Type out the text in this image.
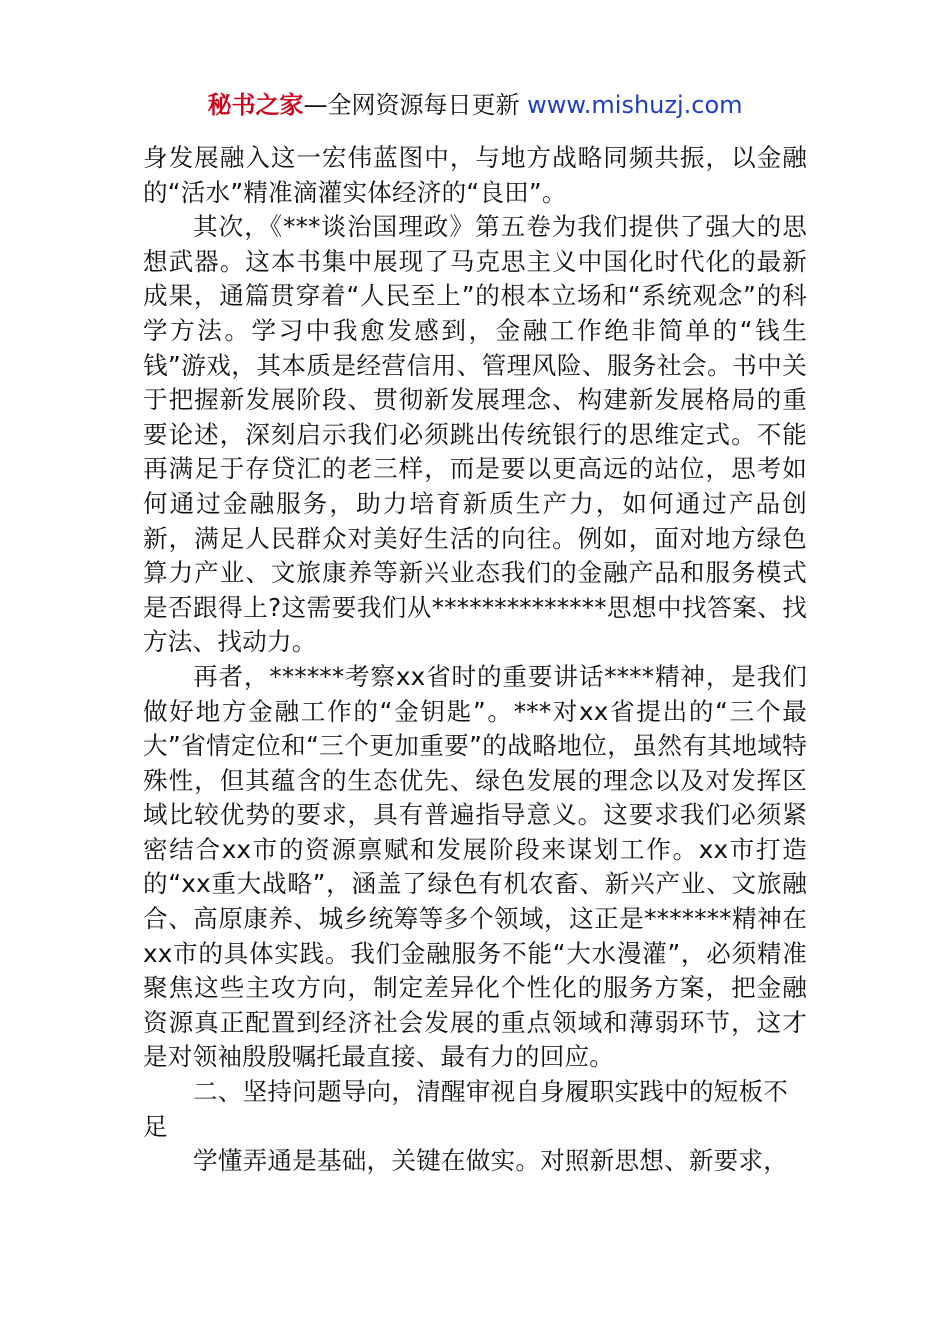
秘书之家—全网资源每日更新 www.mishuzj.com

身发展融入这一宏伟蓝图中，与地方战略同频共振，以金融的“活水”精准滴灌实体经济的“良田”。

其次，《***谈治国理政》第五卷为我们提供了强大的思想武器。这本书集中展现了马克思主义中国化时代化的最新成果，通篇贯穿着“人民至上”的根本立场和“系统观念”的科学方法。学习中我愈发感到，金融工作绝非简单的“钱生钱”游戏，其本质是经营信用、管理风险、服务社会。书中关于把握新发展阶段、贯彻新发展理念、构建新发展格局的重要论述，深刻启示我们必须跳出传统银行的思维定式。不能再满足于存贷汇的老三样，而是要以更高远的站位，思考如何通过金融服务，助力培育新质生产力，如何通过产品创新，满足人民群众对美好生活的向往。例如，面对地方绿色算力产业、文旅康养等新兴业态我们的金融产品和服务模式是否跟得上?这需要我们从**************思想中找答案、找方法、找动力。

再者，******考察xx省时的重要讲话****精神，是我们做好地方金融工作的“金钥匙”。***对xx省提出的“三个最大”省情定位和“三个更加重要”的战略地位，虽然有其地域特殊性，但其蕴含的生态优先、绿色发展的理念以及对发挥区域比较优势的要求，具有普遍指导意义。这要求我们必须紧密结合xx市的资源禀赋和发展阶段来谋划工作。xx市打造的“xx重大战略”，涵盖了绿色有机农畜、新兴产业、文旅融合、高原康养、城乡统筹等多个领域，这正是*******精神在xx市的具体实践。我们金融服务不能“大水漫灌”，必须精准聚焦这些主攻方向，制定差异化个性化的服务方案，把金融资源真正配置到经济社会发展的重点领域和薄弱环节，这才是对领袖殷殷嘱托最直接、最有力的回应。

二、坚持问题导向，清醒审视自身履职实践中的短板不足

学懂弄通是基础，关键在做实。对照新思想、新要求，
